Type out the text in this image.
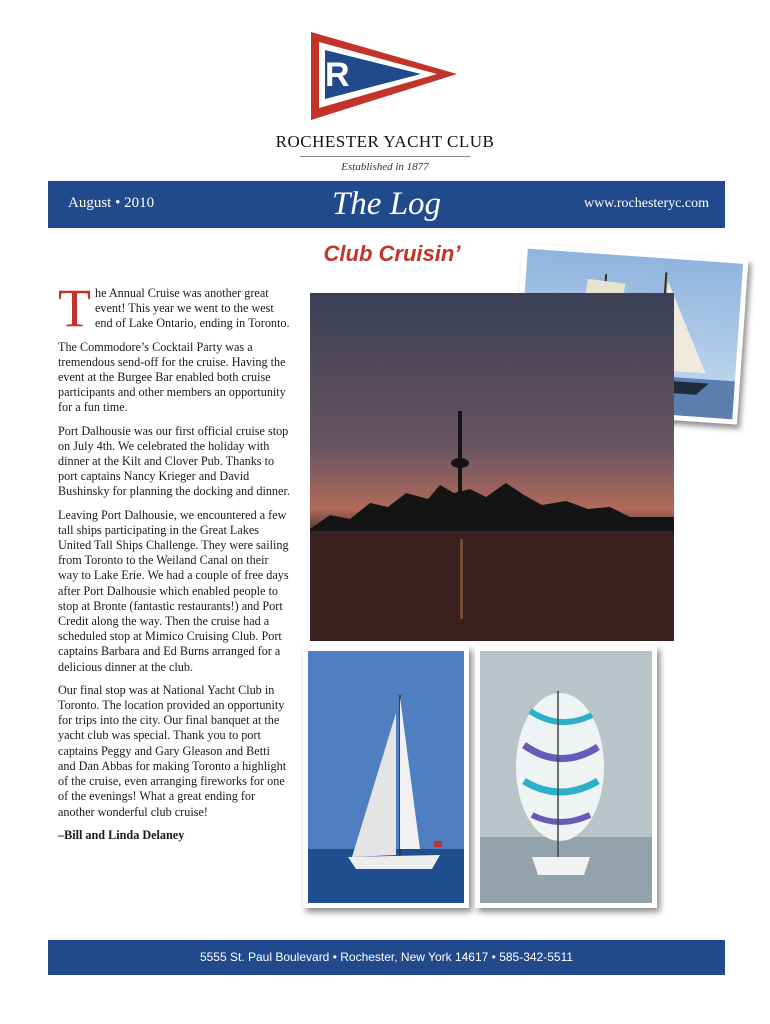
R
ROCHESTER YACHT CLUB
Established in 1877
August • 2010	The Log	www.rochesteryc.com
Club Cruisin’

The Annual Cruise was another great event! This year we went to the west end of Lake Ontario, ending in Toronto.

The Commodore’s Cocktail Party was a tremendous send-off for the cruise. Having the event at the Burgee Bar enabled both cruise participants and other members an opportunity for a fun time.

Port Dalhousie was our first official cruise stop on July 4th. We celebrated the holiday with dinner at the Kilt and Clover Pub. Thanks to port captains Nancy Krieger and David Bushinsky for planning the docking and dinner.

Leaving Port Dalhousie, we encountered a few tall ships participating in the Great Lakes United Tall Ships Challenge. They were sailing from Toronto to the Weiland Canal on their way to Lake Erie. We had a couple of free days after Port Dalhousie which enabled people to stop at Bronte (fantastic restaurants!) and Port Credit along the way. Then the cruise had a scheduled stop at Mimico Cruising Club. Port captains Barbara and Ed Burns arranged for a delicious dinner at the club.

Our final stop was at National Yacht Club in Toronto. The location provided an opportunity for trips into the city. Our final banquet at the yacht club was special. Thank you to port captains Peggy and Gary Gleason and Betti and Dan Abbas for making Toronto a highlight of the cruise, even arranging fireworks for one of the evenings! What a great ending for another wonderful club cruise!

–Bill and Linda Delaney

5555 St. Paul Boulevard • Rochester, New York 14617 • 585-342-5511
